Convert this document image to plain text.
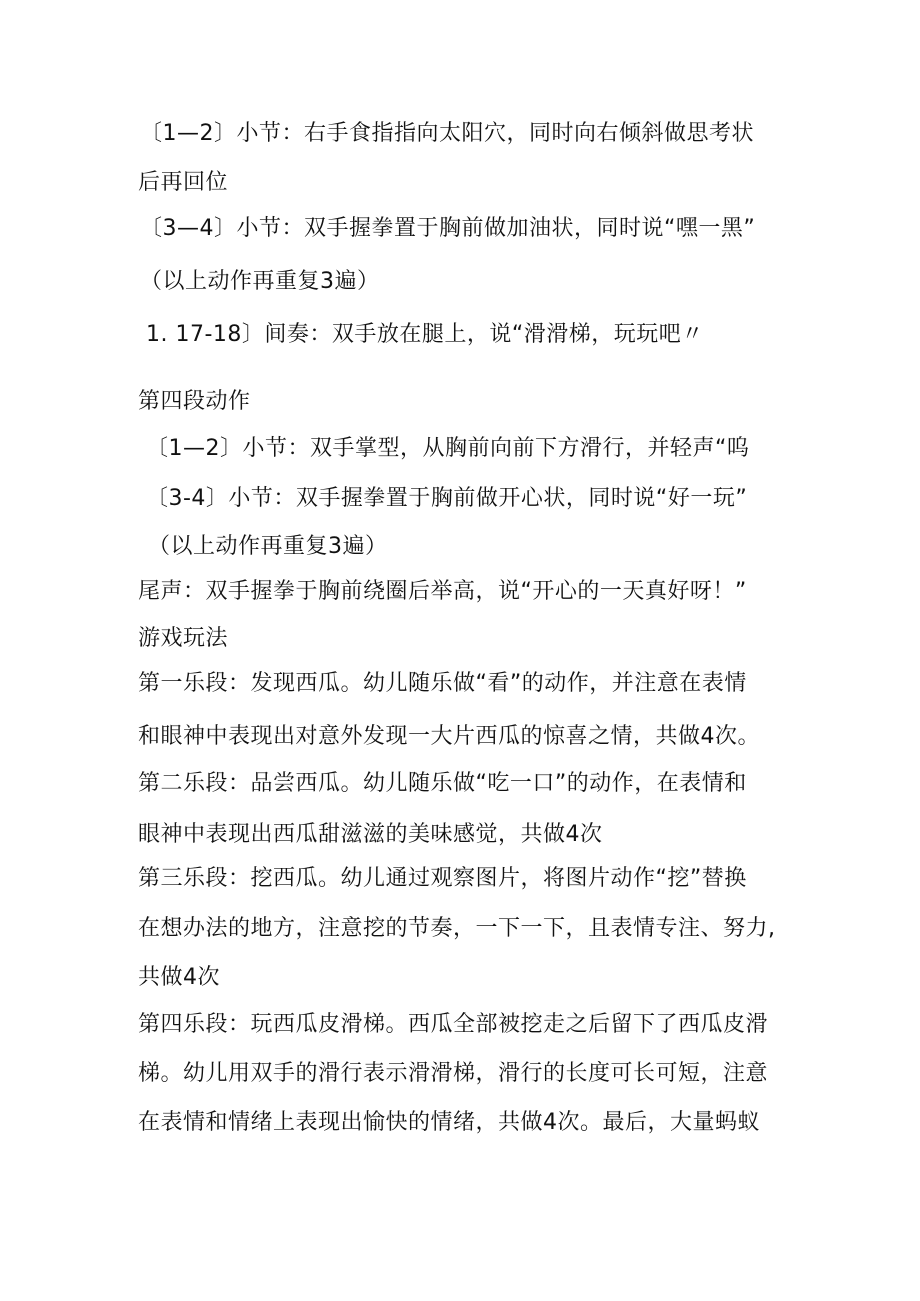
〔1—2〕小节：右手食指指向太阳穴，同时向右倾斜做思考状

后再回位

〔3—4〕小节：双手握拳置于胸前做加油状，同时说“嘿一黑”

（以上动作再重复3遍）

1. 17-18〕间奏：双手放在腿上，说“滑滑梯，玩玩吧〃

第四段动作

〔1—2〕小节：双手掌型，从胸前向前下方滑行，并轻声“呜

〔3-4〕小节：双手握拳置于胸前做开心状，同时说“好一玩”

（以上动作再重复3遍）

尾声：双手握拳于胸前绕圈后举高，说“开心的一天真好呀！”

游戏玩法

第一乐段：发现西瓜。幼儿随乐做“看”的动作，并注意在表情

和眼神中表现出对意外发现一大片西瓜的惊喜之情，共做4次。

第二乐段：品尝西瓜。幼儿随乐做“吃一口”的动作，在表情和

眼神中表现出西瓜甜滋滋的美味感觉，共做4次

第三乐段：挖西瓜。幼儿通过观察图片，将图片动作“挖”替换

在想办法的地方，注意挖的节奏，一下一下，且表情专注、努力,

共做4次

第四乐段：玩西瓜皮滑梯。西瓜全部被挖走之后留下了西瓜皮滑

梯。幼儿用双手的滑行表示滑滑梯，滑行的长度可长可短，注意

在表情和情绪上表现出愉快的情绪，共做4次。最后，大量蚂蚁
